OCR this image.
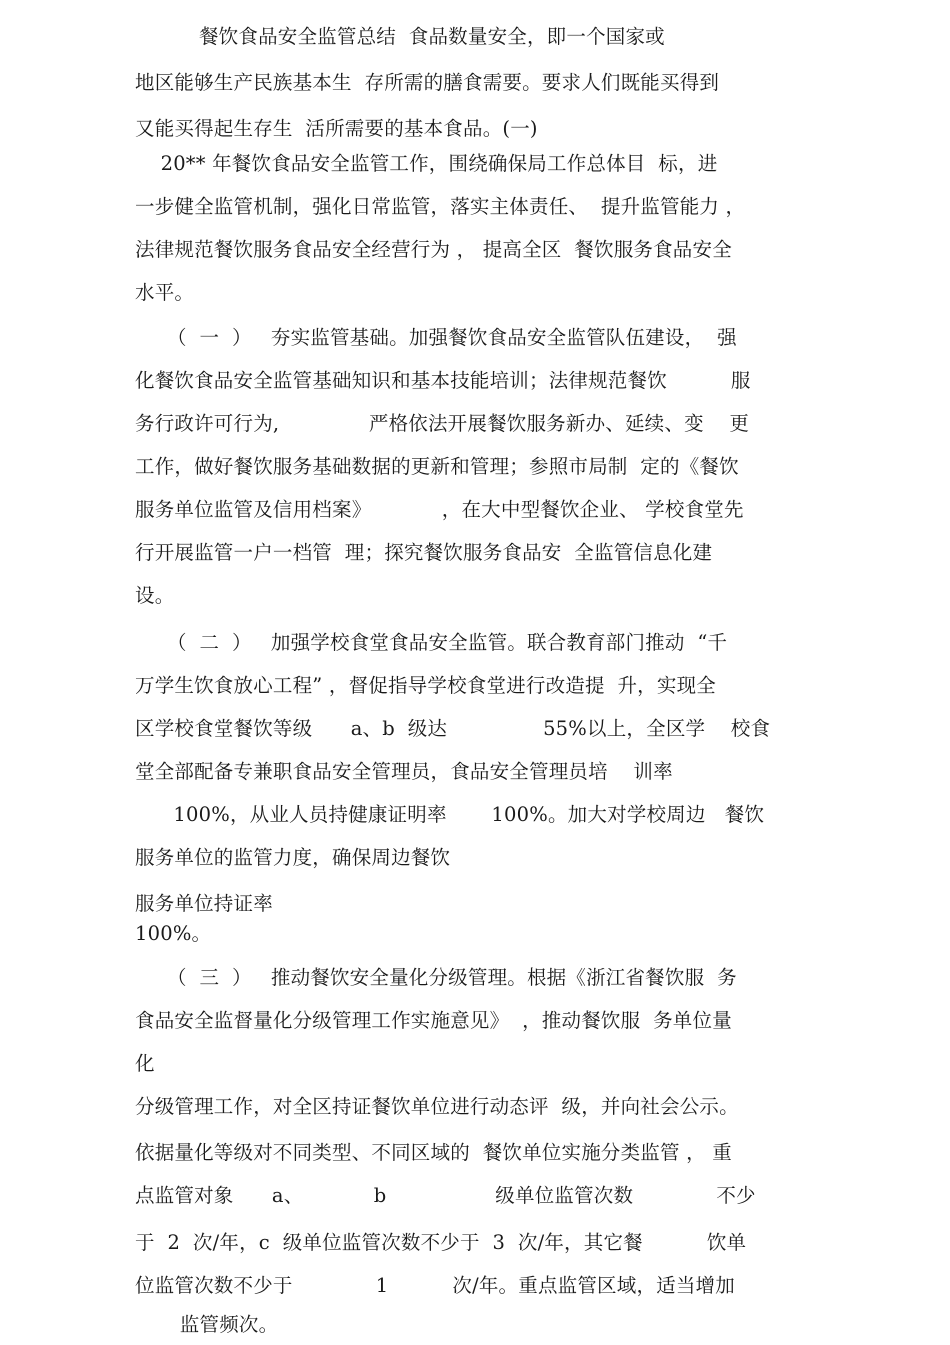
餐饮食品安全监管总结  食品数量安全，即一个国家或
地区能够生产民族基本生  存所需的膳食需要。要求人们既能买得到
又能买得起生存生  活所需要的基本食品。(一)
20** 年餐饮食品安全监管工作，围绕确保局工作总体目  标，进
一步健全监管机制，强化日常监管，落实主体责任、  提升监管能力 ，
法律规范餐饮服务食品安全经营行为 ， 提高全区  餐饮服务食品安全
水平。
（  一  ）   夯实监管基础。加强餐饮食品安全监管队伍建设，  强
化餐饮食品安全监管基础知识和基本技能培训；法律规范餐饮          服
务行政许可行为,              严格依法开展餐饮服务新办、延续、变    更
工作，做好餐饮服务基础数据的更新和管理；参照市局制  定的《餐饮
服务单位监管及信用档案》           ，在大中型餐饮企业、 学校食堂先
行开展监管一户一档管  理；探究餐饮服务食品安  全监管信息化建
设。
（  二  ）   加强学校食堂食品安全监管。联合教育部门推动  “千
万学生饮食放心工程” ，督促指导学校食堂进行改造提  升，实现全
区学校食堂餐饮等级      a、b  级达               55%以上，全区学    校食
堂全部配备专兼职食品安全管理员，食品安全管理员培    训率
100%，从业人员持健康证明率       100%。加大对学校周边   餐饮
服务单位的监管力度，确保周边餐饮
服务单位持证率
100%。
（  三  ）   推动餐饮安全量化分级管理。根据《浙江省餐饮服  务
食品安全监督量化分级管理工作实施意见》  ，推动餐饮服  务单位量
化
分级管理工作，对全区持证餐饮单位进行动态评  级，并向社会公示。
依据量化等级对不同类型、不同区域的  餐饮单位实施分类监管 ， 重
点监管对象      a、           b                 级单位监管次数             不少
于  2  次/年，c  级单位监管次数不少于  3  次/年，其它餐          饮单
位监管次数不少于             1          次/年。重点监管区域，适当增加
监管频次。
